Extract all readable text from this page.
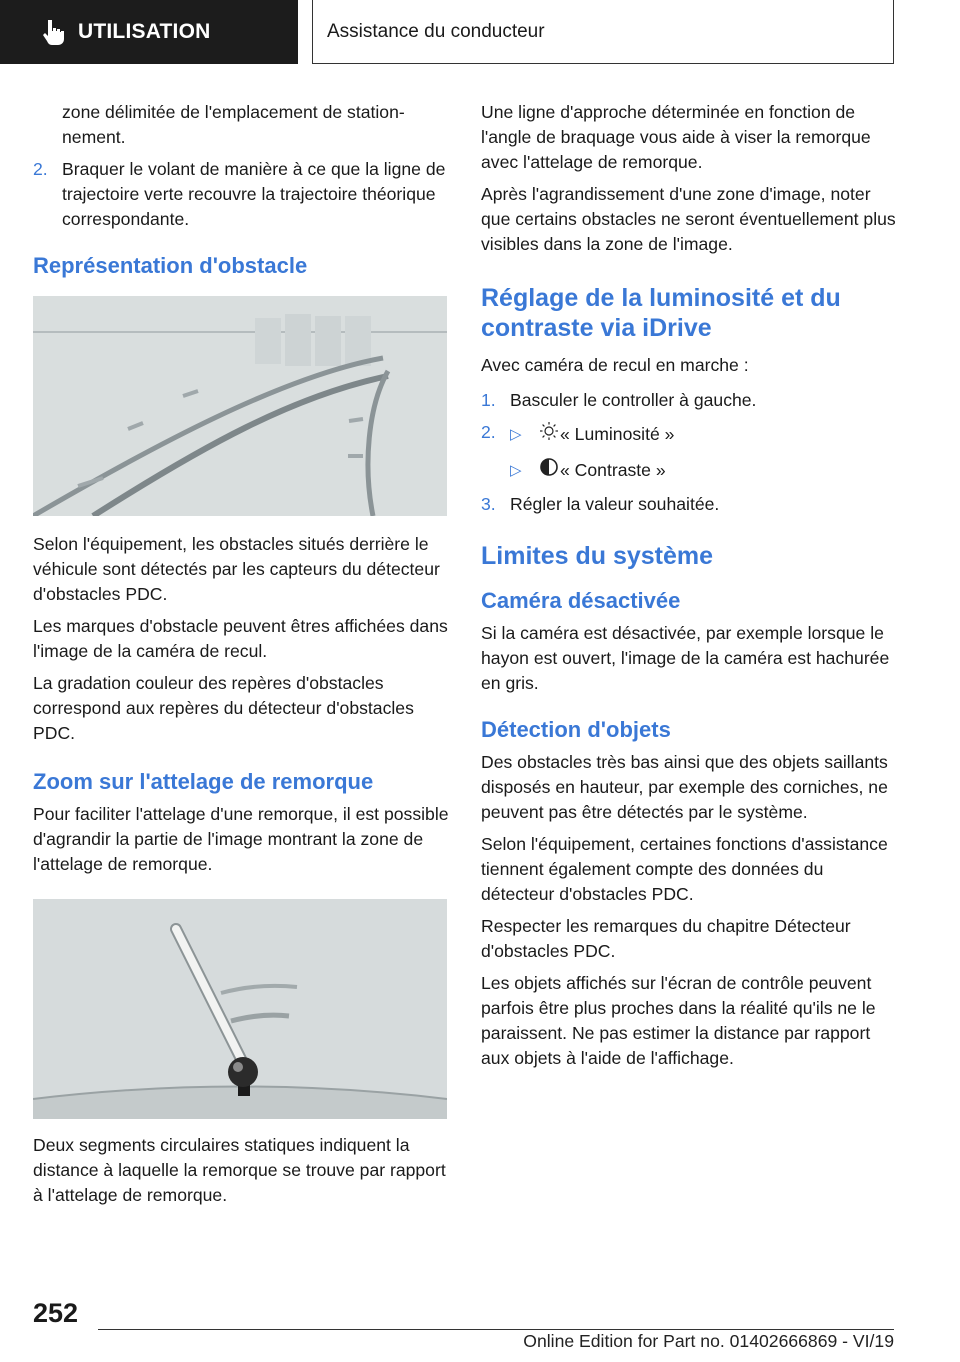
UTILISATION	Assistance du conducteur

zone délimitée de l'emplacement de stationnement.

2. Braquer le volant de manière à ce que la ligne de trajectoire verte recouvre la trajectoire théorique correspondante.
Représentation d'obstacle

Selon l'équipement, les obstacles situés derrière le véhicule sont détectés par les capteurs du détecteur d'obstacles PDC.

Les marques d'obstacle peuvent êtres affichées dans l'image de la caméra de recul.

La gradation couleur des repères d'obstacles correspond aux repères du détecteur d'obstacles PDC.

Zoom sur l'attelage de remorque

Pour faciliter l'attelage d'une remorque, il est possible d'agrandir la partie de l'image montrant la zone de l'attelage de remorque.

Deux segments circulaires statiques indiquent la distance à laquelle la remorque se trouve par rapport à l'attelage de remorque.

Une ligne d'approche déterminée en fonction de l'angle de braquage vous aide à viser la remorque avec l'attelage de remorque.

Après l'agrandissement d'une zone d'image, noter que certains obstacles ne seront éventuellement plus visibles dans la zone de l'image.

Réglage de la luminosité et du contraste via iDrive

Avec caméra de recul en marche :

1. Basculer le controller à gauche.
2. ▷	« Luminosité »
▷	« Contraste »
3. Régler la valeur souhaitée.
Limites du système
Caméra désactivée

Si la caméra est désactivée, par exemple lorsque le hayon est ouvert, l'image de la caméra est hachurée en gris.

Détection d'objets

Des obstacles très bas ainsi que des objets saillants disposés en hauteur, par exemple des corniches, ne peuvent pas être détectés par le système.

Selon l'équipement, certaines fonctions d'assistance tiennent également compte des données du détecteur d'obstacles PDC.

Respecter les remarques du chapitre Détecteur d'obstacles PDC.

Les objets affichés sur l'écran de contrôle peuvent parfois être plus proches dans la réalité qu'ils ne le paraissent. Ne pas estimer la distance par rapport aux objets à l'aide de l'affichage.

252
Online Edition for Part no. 01402666869 - VI/19
